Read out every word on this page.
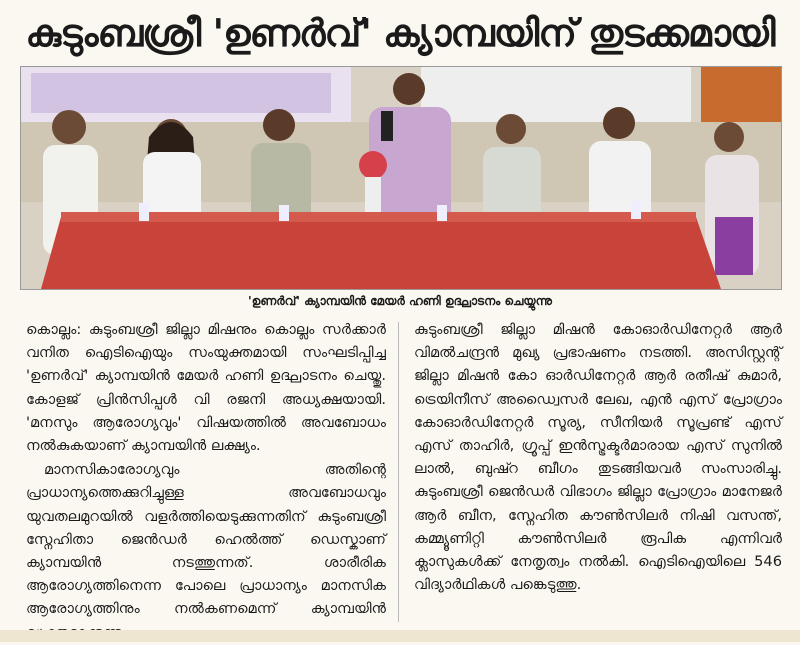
കുടുംബശ്രീ 'ഉണർവ്' ക്യാമ്പയിന് തുടക്കമായി
'ഉണർവ്' ക്യാമ്പയിൻ മേയർ ഹണി ഉദ്ഘാടനം ചെയ്യുന്നു

കൊല്ലം: കുടുംബശ്രീ ജില്ലാ മിഷനും കൊല്ലം സർക്കാർ വനിത ഐടിഐയും സംയുക്തമായി സംഘടിപ്പിച്ച 'ഉണർവ്' ക്യാമ്പയിൻ മേയർ ഹണി ഉദ്ഘാടനം ചെയ്തു. കോളജ് പ്രിൻസിപ്പൾ വി രജനി അധ്യക്ഷയായി. 'മനസും ആരോഗ്യവും' വിഷയത്തിൽ അവബോധം നൽകുകയാണ് ക്യാമ്പയിൻ ലക്ഷ്യം.

മാനസികാരോഗ്യവും അതിന്റെ പ്രാധാന്യത്തെക്കുറിച്ചുള്ള അവബോധവും യുവതലമുറയിൽ വളർത്തിയെടുക്കുന്നതിന് കുടുംബശ്രീ സ്നേഹിതാ ജെൻഡർ ഹെൽത്ത് ഡെസ്കാണ് ക്യാമ്പയിൻ നടത്തുന്നത്. ശാരീരിക ആരോഗ്യത്തിനെന്ന പോലെ പ്രാധാന്യം മാനസിക ആരോഗ്യത്തിനും നൽകണമെന്ന് ക്യാമ്പയിൻ

കുടുംബശ്രീ ജില്ലാ മിഷൻ കോഓർഡിനേറ്റർ ആർ വിമൽചന്ദ്രൻ മുഖ്യ പ്രഭാഷണം നടത്തി. അസിസ്റ്റന്റ് ജില്ലാ മിഷൻ കോ ഓർഡിനേറ്റർ ആർ രതീഷ് കുമാർ, ട്രെയിനീസ് അഡ്വൈസർ ലേഖ, എൻ എസ് പ്രോഗ്രാം കോഓർഡിനേറ്റർ സൂര്യ, സീനിയർ സൂപ്രണ്ട് എസ് എസ് താഹിർ, ഗ്രൂപ്പ് ഇൻസ്ട്രക്ടർമാരായ എസ് സുനിൽ ലാൽ, ബുഷ്റ ബീഗം തുടങ്ങിയവർ സംസാരിച്ചു. കുടുംബശ്രീ ജെൻഡർ വിഭാഗം ജില്ലാ പ്രോഗ്രാം മാനേജർ ആർ ബീന, സ്നേഹിത കൗൺസിലർ നിഷി വസന്ത്, കമ്മ്യൂണിറ്റി കൗൺസിലർ രൂപിക എന്നിവർ ക്ലാസുകൾക്ക് നേതൃത്വം നൽകി. ഐടിഐയിലെ 546 വിദ്യാർഥികൾ പങ്കെടുത്തു.
